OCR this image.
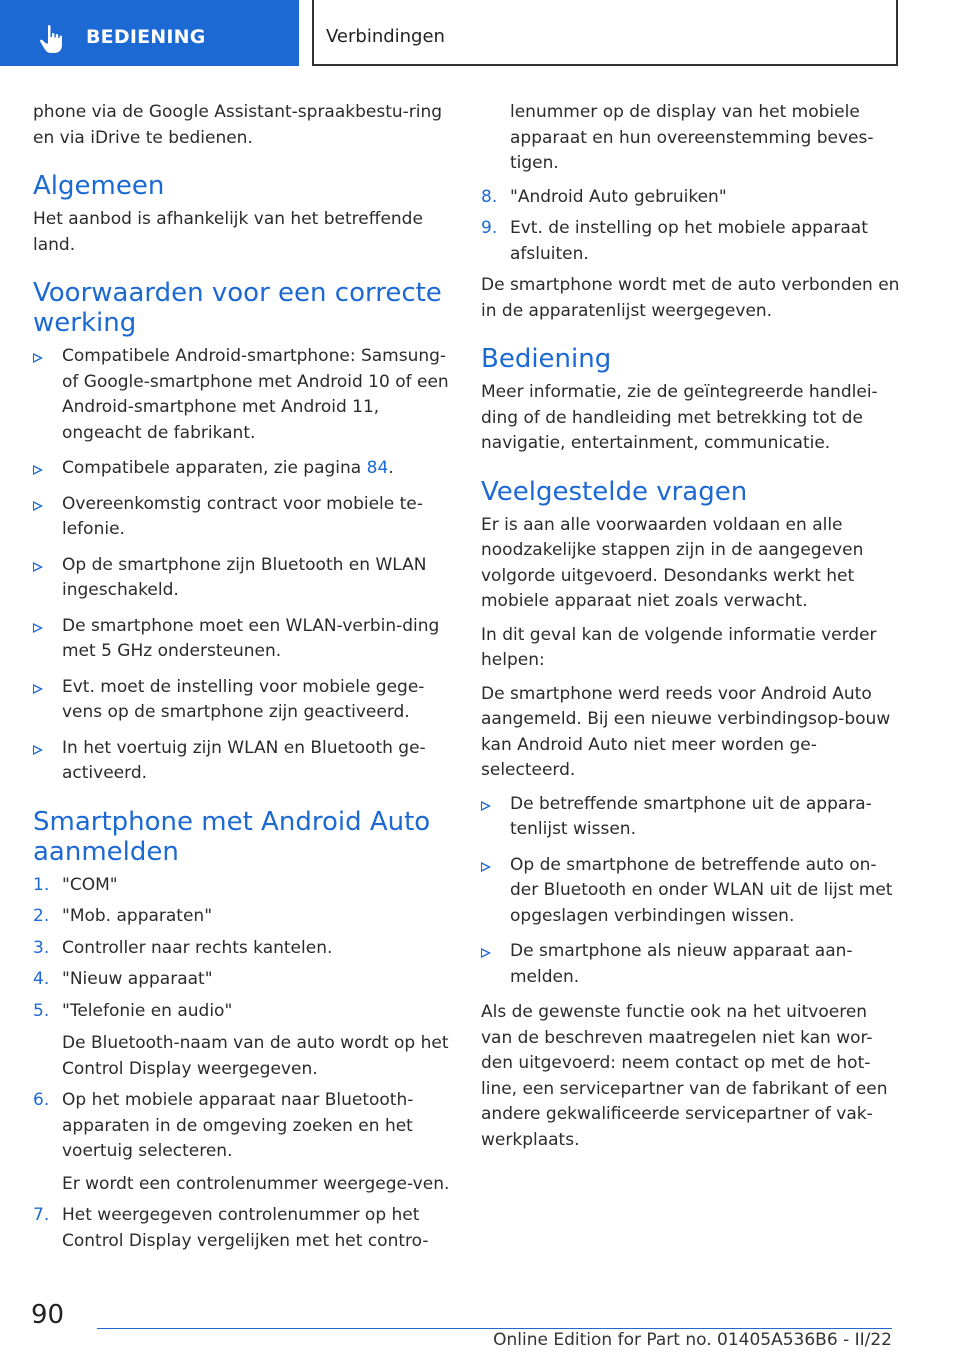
BEDIENING	Verbindingen

phone via de Google Assistant-spraakbestu-ring en via iDrive te bedienen.

Algemeen

Het aanbod is afhankelijk van het betreffende land.

Voorwaarden voor een correcte werking
Compatibele Android-smartphone: Samsung- of Google-smartphone met Android 10 of een Android-smartphone met Android 11, ongeacht de fabrikant.
Compatibele apparaten, zie pagina 84.
Overeenkomstig contract voor mobiele te-lefonie.
Op de smartphone zijn Bluetooth en WLAN ingeschakeld.
De smartphone moet een WLAN-verbin-ding met 5 GHz ondersteunen.
Evt. moet de instelling voor mobiele gege-vens op de smartphone zijn geactiveerd.
In het voertuig zijn WLAN en Bluetooth ge-activeerd.
Smartphone met Android Auto aanmelden
1. "COM"
2. "Mob. apparaten"
3. Controller naar rechts kantelen.
4. "Nieuw apparaat"
5. "Telefonie en audio"
De Bluetooth-naam van de auto wordt op het Control Display weergegeven.
6. Op het mobiele apparaat naar Bluetooth-apparaten in de omgeving zoeken en het voertuig selecteren.
Er wordt een controlenummer weergege-ven.
7. Het weergegeven controlenummer op het Control Display vergelijken met het contro-

lenummer op de display van het mobiele apparaat en hun overeenstemming beves-tigen.

8. "Android Auto gebruiken"
9. Evt. de instelling op het mobiele apparaat afsluiten.

De smartphone wordt met de auto verbonden en in de apparatenlijst weergegeven.

Bediening

Meer informatie, zie de geïntegreerde handlei-ding of de handleiding met betrekking tot de navigatie, entertainment, communicatie.

Veelgestelde vragen

Er is aan alle voorwaarden voldaan en alle noodzakelijke stappen zijn in de aangegeven volgorde uitgevoerd. Desondanks werkt het mobiele apparaat niet zoals verwacht.

In dit geval kan de volgende informatie verder helpen:

De smartphone werd reeds voor Android Auto aangemeld. Bij een nieuwe verbindingsop-bouw kan Android Auto niet meer worden ge-selecteerd.

De betreffende smartphone uit de appara-tenlijst wissen.
Op de smartphone de betreffende auto on-der Bluetooth en onder WLAN uit de lijst met opgeslagen verbindingen wissen.
De smartphone als nieuw apparaat aan-melden.

Als de gewenste functie ook na het uitvoeren van de beschreven maatregelen niet kan wor-den uitgevoerd: neem contact op met de hot-line, een servicepartner van de fabrikant of een andere gekwalificeerde servicepartner of vak-werkplaats.

90
Online Edition for Part no. 01405A536B6 - II/22
